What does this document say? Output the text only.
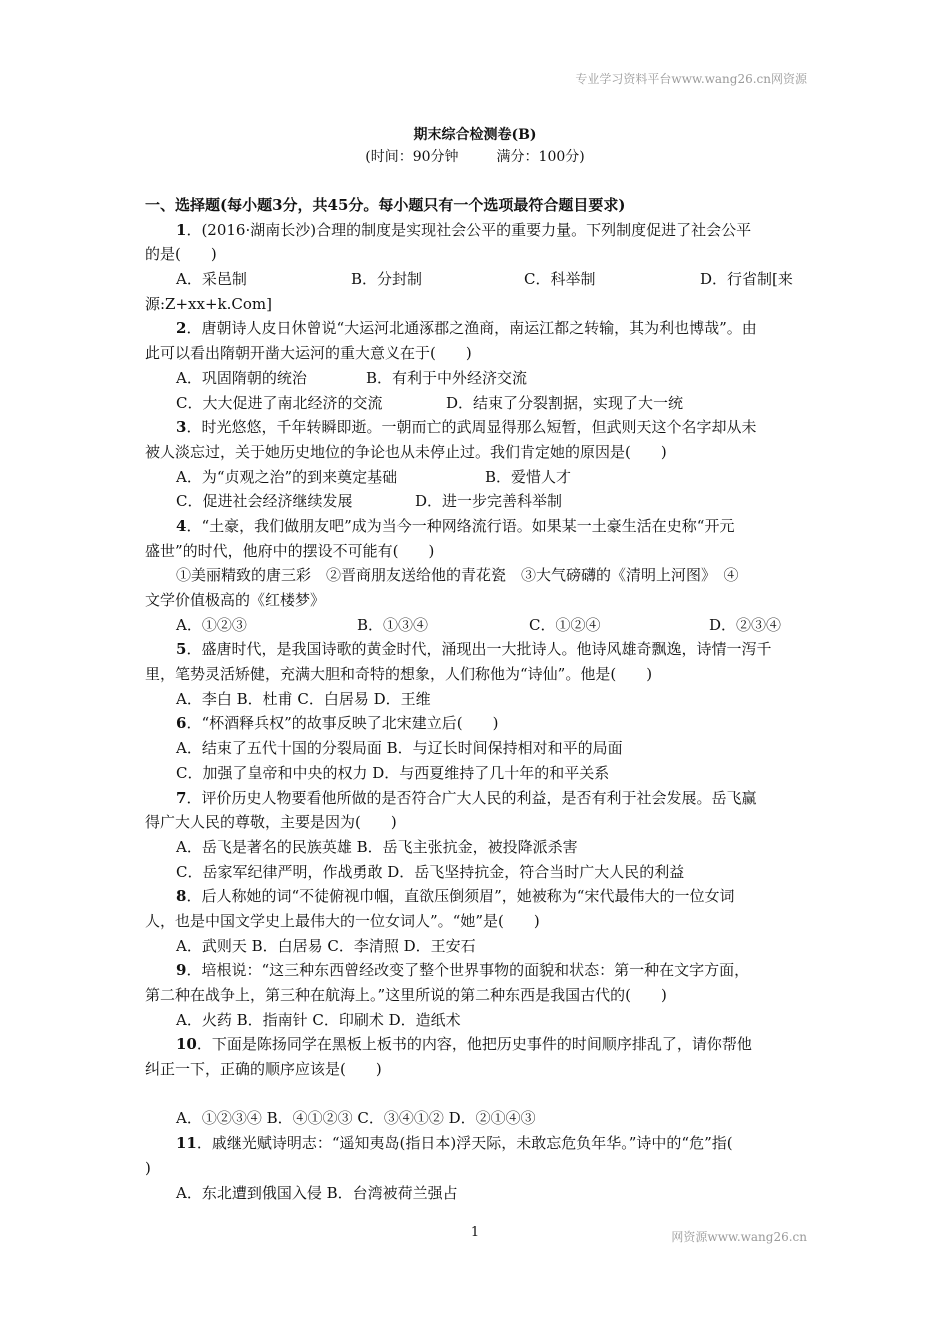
专业学习资料平台www.wang26.cn网资源
期末综合检测卷(B)
(时间：90分钟	满分：100分)
一、选择题(每小题3分，共45分。每小题只有一个选项最符合题目要求)
1．(2016·湖南长沙)合理的制度是实现社会公平的重要力量。下列制度促进了社会公平
的是(　　)
A．采邑制	B．分封制	C．科举制	D．行省制[来
源:Z+xx+k.Com]
2．唐朝诗人皮日休曾说“大运河北通涿郡之渔商，南运江都之转输，其为利也博哉”。由
此可以看出隋朝开凿大运河的重大意义在于(　　)
A．巩固隋朝的统治	B．有利于中外经济交流
C．大大促进了南北经济的交流	D．结束了分裂割据，实现了大一统
3．时光悠悠，千年转瞬即逝。一朝而亡的武周显得那么短暂，但武则天这个名字却从未
被人淡忘过，关于她历史地位的争论也从未停止过。我们肯定她的原因是(　　)
A．为“贞观之治”的到来奠定基础	B．爱惜人才
C．促进社会经济继续发展	D．进一步完善科举制
4．“土豪，我们做朋友吧”成为当今一种网络流行语。如果某一土豪生活在史称“开元
盛世”的时代，他府中的摆设不可能有(　　)
①美丽精致的唐三彩　②晋商朋友送给他的青花瓷　③大气磅礴的《清明上河图》　④
文学价值极高的《红楼梦》
A．①②③	B．①③④	C．①②④	D．②③④
5．盛唐时代，是我国诗歌的黄金时代，涌现出一大批诗人。他诗风雄奇飘逸，诗情一泻千
里，笔势灵活矫健，充满大胆和奇特的想象，人们称他为“诗仙”。他是(　　)
A．李白 B．杜甫 C．白居易 D．王维
6．“杯酒释兵权”的故事反映了北宋建立后(　　)
A．结束了五代十国的分裂局面 B．与辽长时间保持相对和平的局面
C．加强了皇帝和中央的权力 D．与西夏维持了几十年的和平关系
7．评价历史人物要看他所做的是否符合广大人民的利益，是否有利于社会发展。岳飞赢
得广大人民的尊敬，主要是因为(　　)
A．岳飞是著名的民族英雄 B．岳飞主张抗金，被投降派杀害
C．岳家军纪律严明，作战勇敢 D．岳飞坚持抗金，符合当时广大人民的利益
8．后人称她的词“不徒俯视巾帼，直欲压倒须眉”，她被称为“宋代最伟大的一位女词
人，也是中国文学史上最伟大的一位女词人”。“她”是(　　)
A．武则天 B．白居易 C．李清照 D．王安石
9．培根说：“这三种东西曾经改变了整个世界事物的面貌和状态：第一种在文字方面，
第二种在战争上，第三种在航海上。”这里所说的第二种东西是我国古代的(　　)
A．火药 B．指南针 C．印刷术 D．造纸术
10．下面是陈扬同学在黑板上板书的内容，他把历史事件的时间顺序排乱了，请你帮他
纠正一下，正确的顺序应该是(　　)
A．①②③④ B．④①②③ C．③④①② D．②①④③
11．戚继光赋诗明志：“遥知夷岛(指日本)浮天际，未敢忘危负年华。”诗中的“危”指(
)
A．东北遭到俄国入侵 B．台湾被荷兰强占
1	网资源www.wang26.cn
